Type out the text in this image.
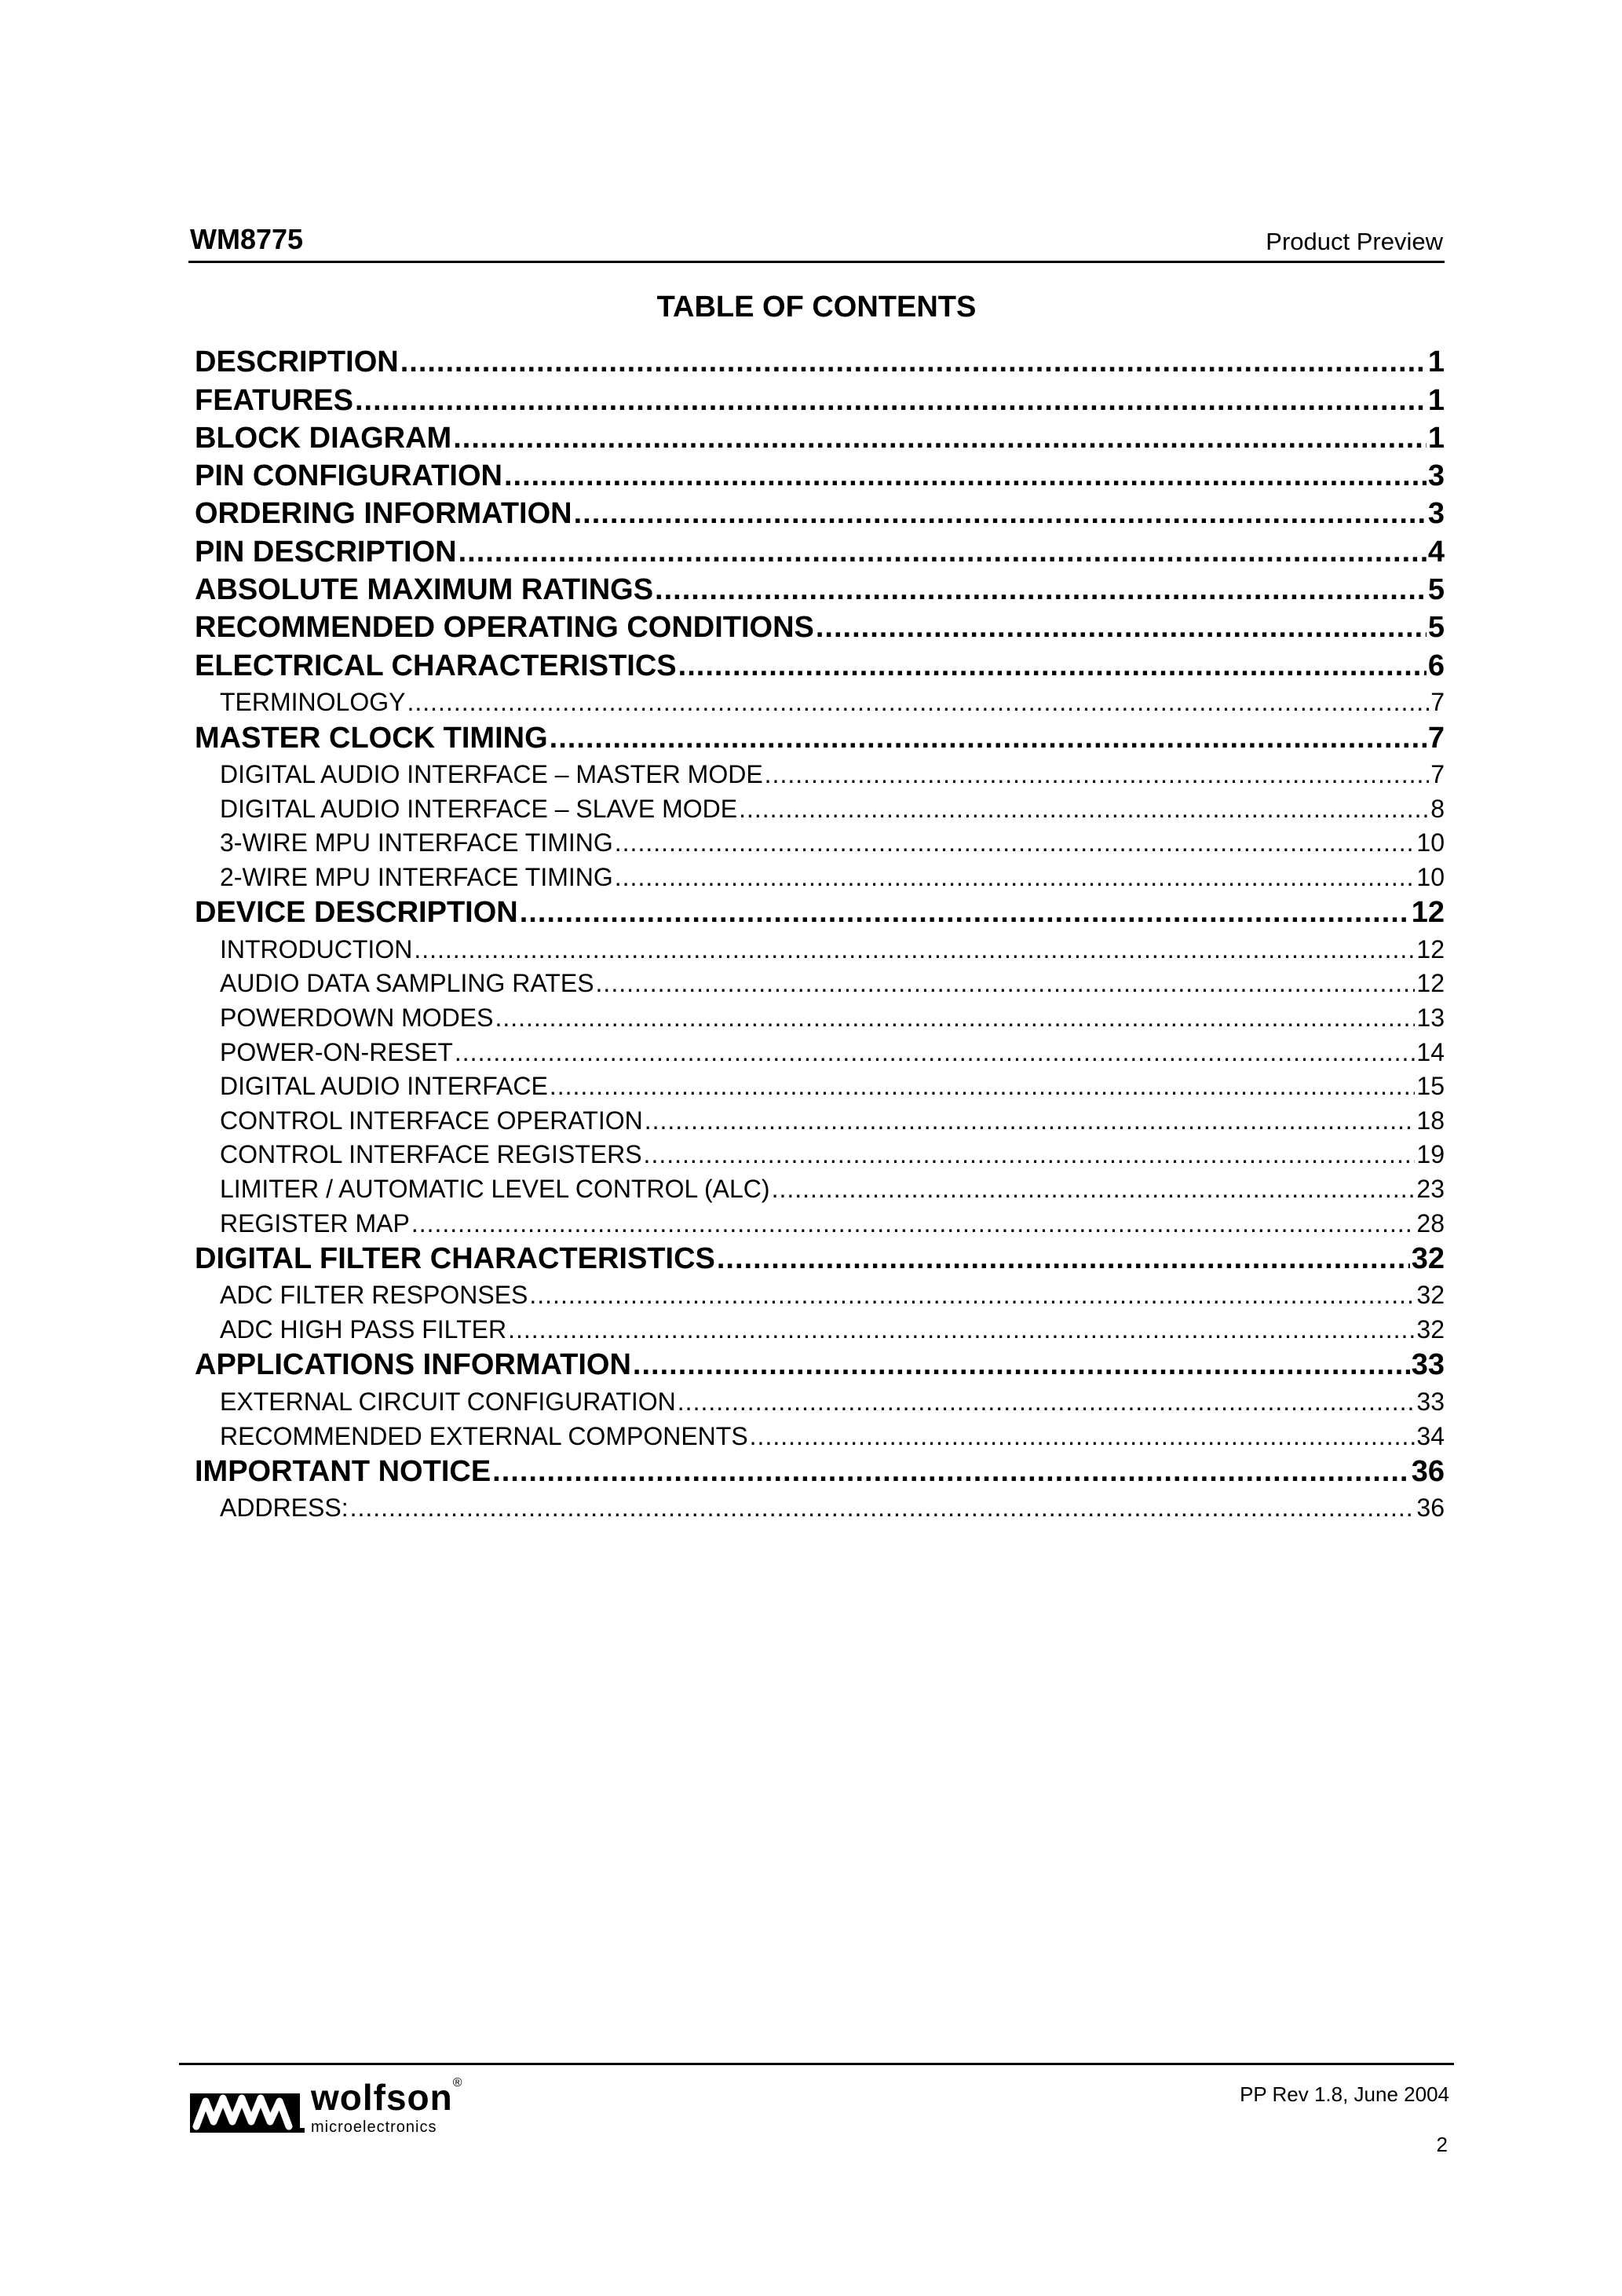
WM8775	Product Preview
TABLE OF CONTENTS
DESCRIPTION .....	1
FEATURES .....	1
BLOCK DIAGRAM .....	1
PIN CONFIGURATION .....	3
ORDERING INFORMATION .....	3
PIN DESCRIPTION .....	4
ABSOLUTE MAXIMUM RATINGS .....	5
RECOMMENDED OPERATING CONDITIONS .....	5
ELECTRICAL CHARACTERISTICS .....	6
TERMINOLOGY .....	7
MASTER CLOCK TIMING .....	7
DIGITAL AUDIO INTERFACE – MASTER MODE .....	7
DIGITAL AUDIO INTERFACE – SLAVE MODE .....	8
3-WIRE MPU INTERFACE TIMING .....	10
2-WIRE MPU INTERFACE TIMING .....	10
DEVICE DESCRIPTION .....	12
INTRODUCTION .....	12
AUDIO DATA SAMPLING RATES .....	12
POWERDOWN MODES .....	13
POWER-ON-RESET .....	14
DIGITAL AUDIO INTERFACE .....	15
CONTROL INTERFACE OPERATION .....	18
CONTROL INTERFACE REGISTERS .....	19
LIMITER / AUTOMATIC LEVEL CONTROL (ALC) .....	23
REGISTER MAP .....	28
DIGITAL FILTER CHARACTERISTICS .....	32
ADC FILTER RESPONSES .....	32
ADC HIGH PASS FILTER .....	32
APPLICATIONS INFORMATION .....	33
EXTERNAL CIRCUIT CONFIGURATION .....	33
RECOMMENDED EXTERNAL COMPONENTS .....	34
IMPORTANT NOTICE .....	36
ADDRESS: .....	36
wolfson®
microelectronics
PP Rev 1.8, June 2004
2
